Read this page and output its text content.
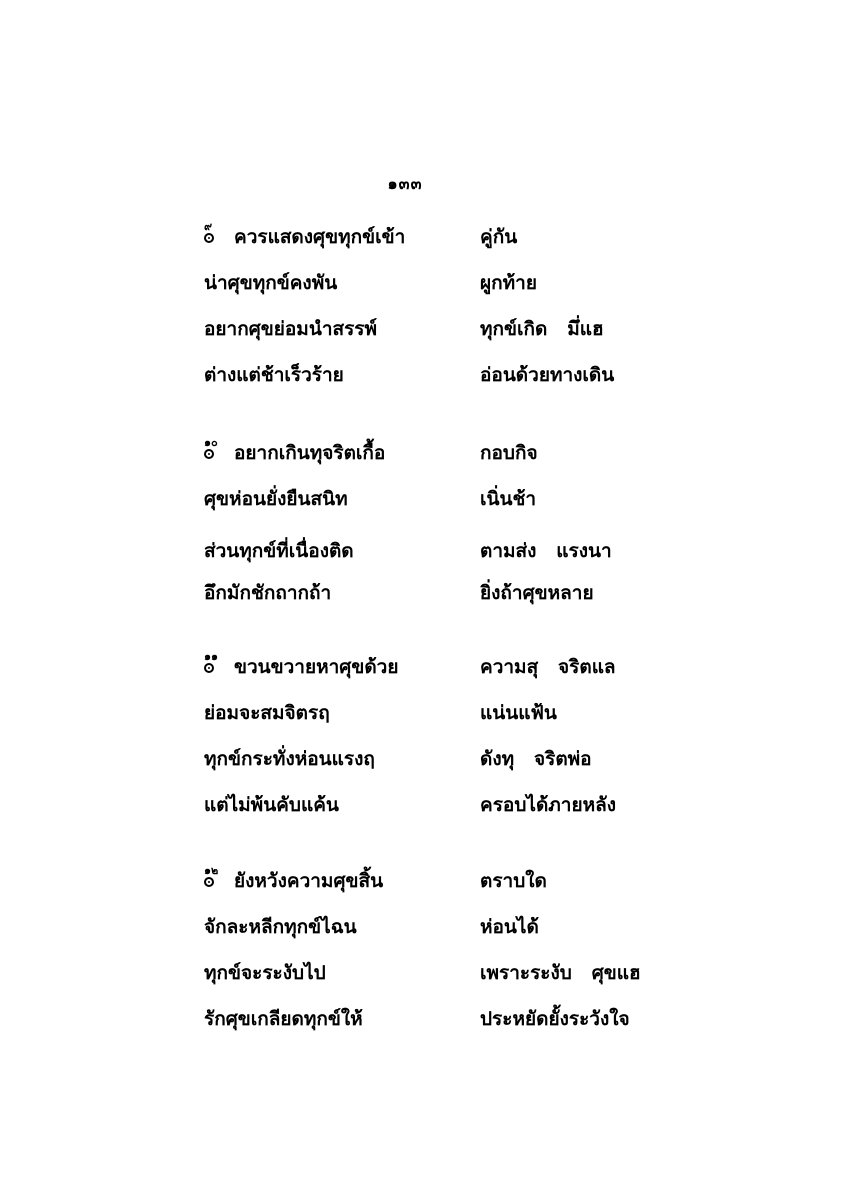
๑๓๓
๙ ควรแสดงศุขทุกข์เข้า	คู่กัน
น่าศุขทุกข์คงพัน	ผูกท้าย
อยากศุขย่อมนำสรรพ์	ทุกข์เกิด   มึ่แฮ
ต่างแต่ช้าเร็วร้าย	อ่อนด้วยทางเดิน
๑๐ อยากเกินทุจริตเกื้อ	กอบกิจ
ศุขห่อนยั่งยืนสนิท	เนิ่นช้า
ส่วนทุกข์ที่เนื่องติด	ตามส่ง   แรงนา
อึกมักชักถากถ้า	ยิ่งถ้าศุขหลาย
๑๑ ขวนขวายหาศุขด้วย	ความสุ   จริตแล
ย่อมจะสมจิตรฤ	แน่นแฟ้น
ทุกข์กระทั่งห่อนแรงฤ	ดังทุ   จริตพ่อ
แต่ไม่พ้นคับแค้น	ครอบได้ภายหลัง
๑๒ ยังหวังความศุขสิ้น	ตราบใด
จักละหลีกทุกข์ไฉน	ห่อนได้
ทุกข์จะระงับไป	เพราะระงับ   ศุขแฮ
รักศุขเกลียดทุกข์ให้	ประหยัดยั้งระวังใจ
